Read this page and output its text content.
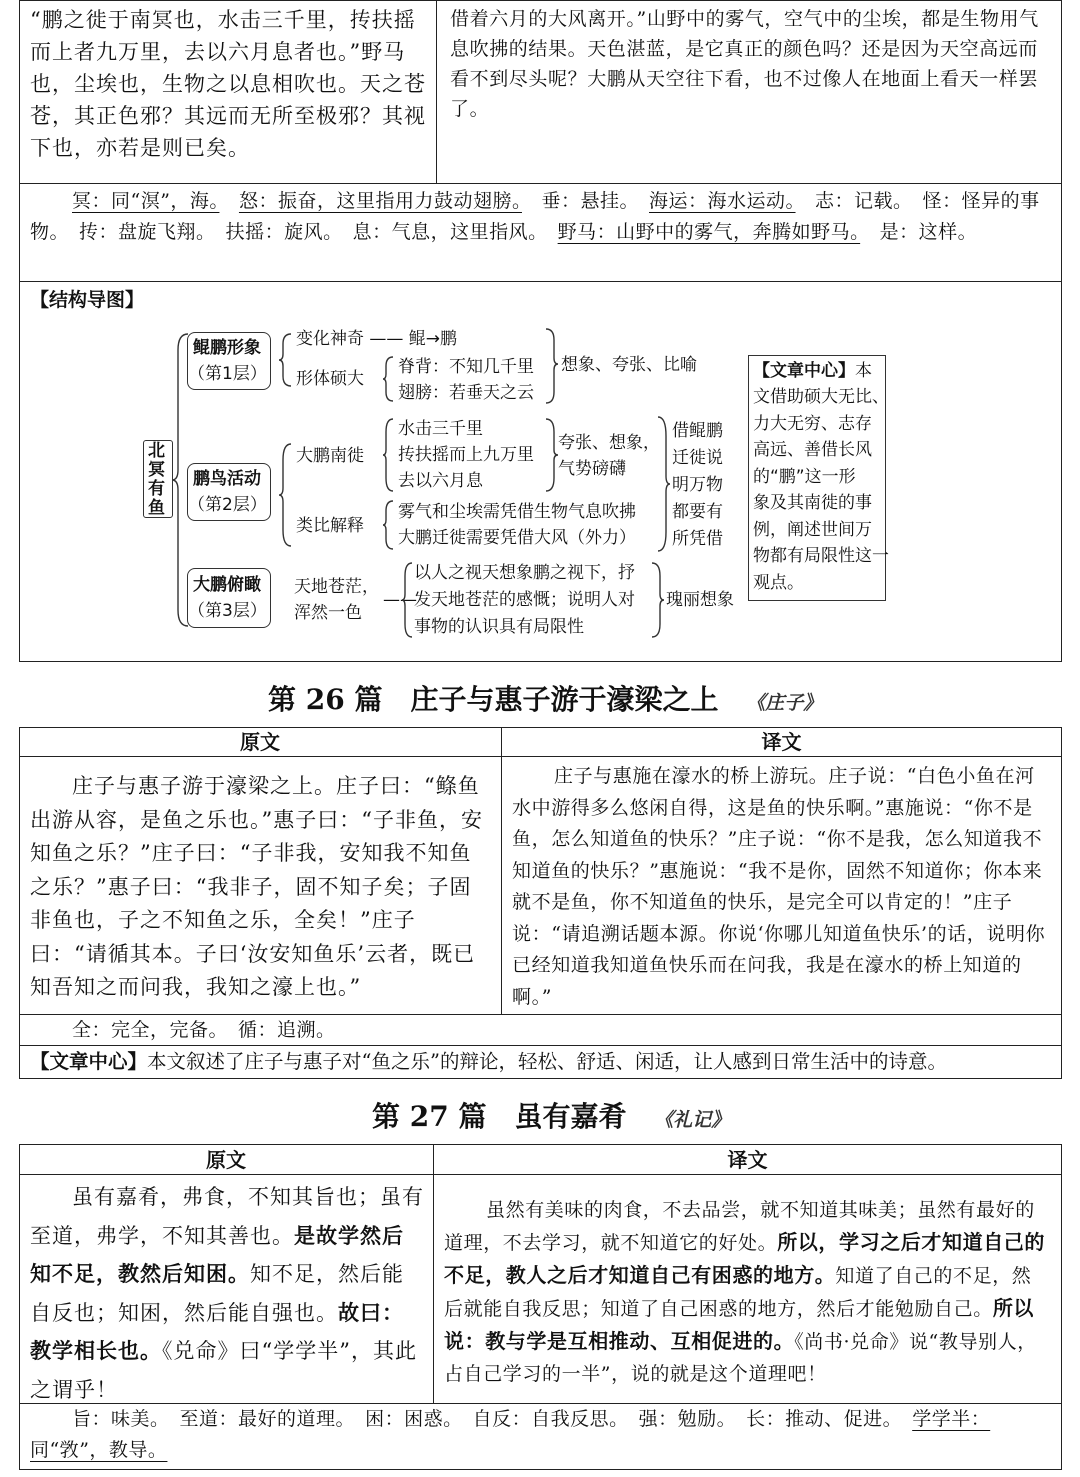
“鹏之徙于南冥也，水击三千里，抟扶摇而上者九万里，去以六月息者也。”野马也，尘埃也，生物之以息相吹也。天之苍苍，其正色邪？其远而无所至极邪？其视下也，亦若是则已矣。
借着六月的大风离开。”山野中的雾气，空气中的尘埃，都是生物用气息吹拂的结果。天色湛蓝，是它真正的颜色吗？还是因为天空高远而看不到尽头呢？大鹏从天空往下看，也不过像人在地面上看天一样罢了。
冥：同“溟”，海。　 怒：振奋，这里指用力鼓动翅膀。　 垂：悬挂。　 海运：海水运动。　 志：记载。　 怪：怪异的事物。　 抟：盘旋飞翔。　 扶摇：旋风。　 息：气息，这里指风。　 野马：山野中的雾气，奔腾如野马。　 是：这样。
【结构导图】
北冥有鱼
鲲鹏形象
（第1层）
鹏鸟活动
（第2层）
大鹏俯瞰
（第3层）
变化神奇 —— 鲲→鹏
形体硕大
脊背：不知几千里
翅膀：若垂天之云
想象、夸张、比喻
大鹏南徙
水击三千里
抟扶摇而上九万里
去以六月息
夸张、想象，
气势磅礴
类比解释
雾气和尘埃需凭借生物气息吹拂
大鹏迁徙需要凭借大风（外力）
借鲲鹏
迁徙说
明万物
都要有
所凭借
天地苍茫，
浑然一色
——
以人之视天想象鹏之视下，抒
发天地苍茫的感慨；说明人对
事物的认识具有局限性
瑰丽想象
【文章中心】本
文借助硕大无比、
力大无穷、志存
高远、善借长风
的“鹏”这一形
象及其南徙的事
例，阐述世间万
物都有局限性这一
观点。
第 26 篇　庄子与惠子游于濠梁之上 《庄子》
原文	译文
庄子与惠子游于濠梁之上。庄子曰：“鲦鱼出游从容，是鱼之乐也。”惠子曰：“子非鱼，安知鱼之乐？”庄子曰：“子非我，安知我不知鱼之乐？”惠子曰：“我非子，固不知子矣；子固非鱼也，子之不知鱼之乐，全矣！”庄子曰：“请循其本。子曰‘汝安知鱼乐’云者，既已知吾知之而问我，我知之濠上也。”
庄子与惠施在濠水的桥上游玩。庄子说：“白色小鱼在河水中游得多么悠闲自得，这是鱼的快乐啊。”惠施说：“你不是鱼，怎么知道鱼的快乐？”庄子说：“你不是我，怎么知道我不知道鱼的快乐？”惠施说：“我不是你，固然不知道你；你本来就不是鱼，你不知道鱼的快乐，是完全可以肯定的！”庄子说：“请追溯话题本源。你说‘你哪儿知道鱼快乐’的话，说明你已经知道我知道鱼快乐而在问我，我是在濠水的桥上知道的啊。”
全：完全，完备。　循：追溯。
【文章中心】本文叙述了庄子与惠子对“鱼之乐”的辩论，轻松、舒适、闲适，让人感到日常生活中的诗意。
第 27 篇　虽有嘉肴 《礼记》
原文	译文
虽有嘉肴，弗食，不知其旨也；虽有至道，弗学，不知其善也。是故学然后知不足，教然后知困。知不足，然后能自反也；知困，然后能自强也。故曰：教学相长也。《兑命》曰“学学半”，其此之谓乎！
虽然有美味的肉食，不去品尝，就不知道其味美；虽然有最好的道理，不去学习，就不知道它的好处。所以，学习之后才知道自己的不足，教人之后才知道自己有困惑的地方。知道了自己的不足，然后就能自我反思；知道了自己困惑的地方，然后才能勉励自己。所以说：教与学是互相推动、互相促进的。《尚书·兑命》说“教导别人，占自己学习的一半”，说的就是这个道理吧！
旨：味美。　 至道：最好的道理。　 困：困惑。　 自反：自我反思。　 强：勉励。　 长：推动、促进。　 学学半：同“敩”，教导。
